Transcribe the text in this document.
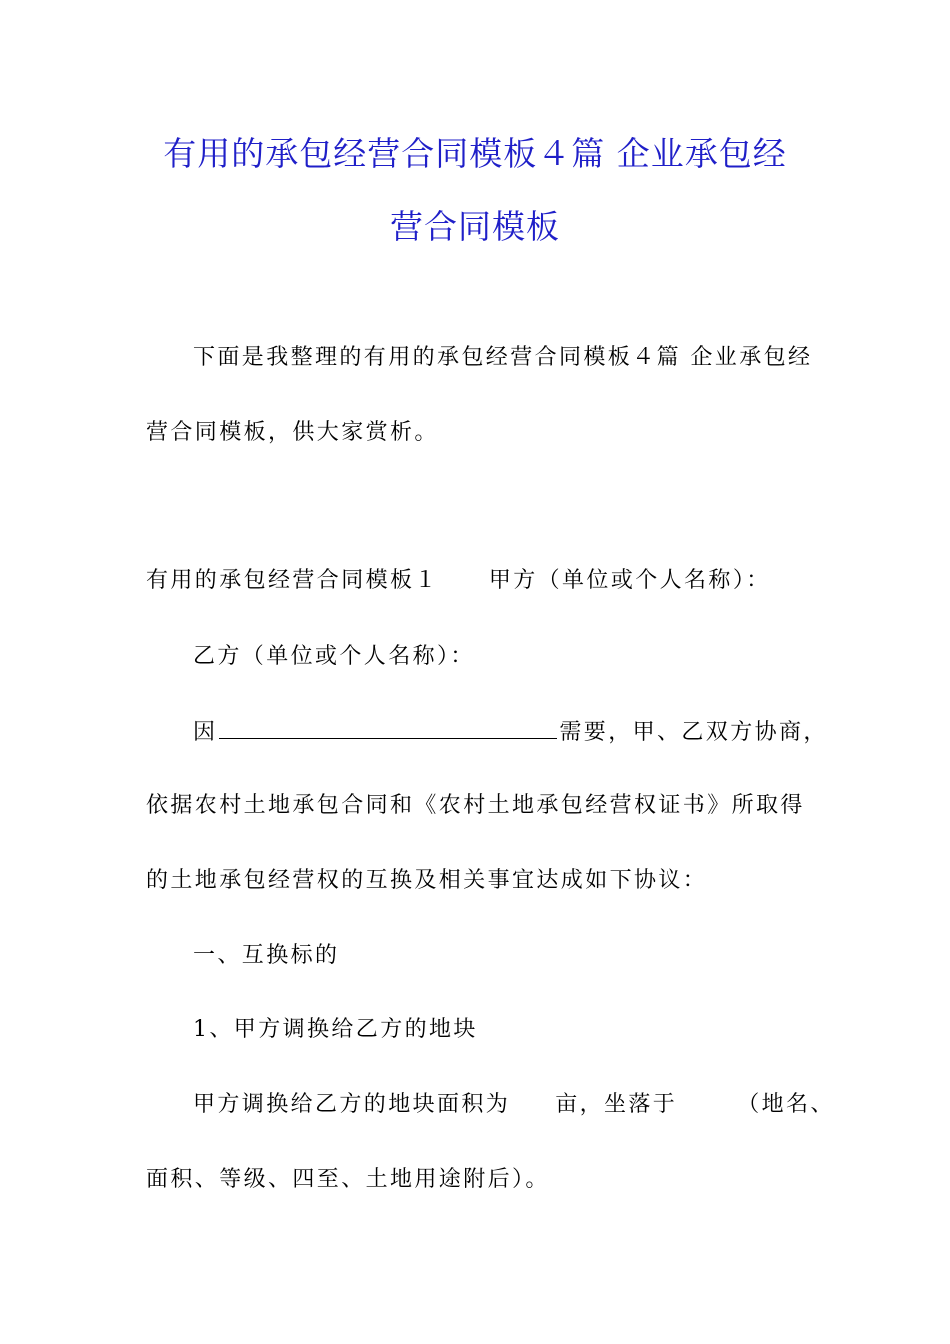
有用的承包经营合同模板４篇 企业承包经
营合同模板
下面是我整理的有用的承包经营合同模板４篇 企业承包经
营合同模板，供大家赏析。
有用的承包经营合同模板１ 甲方（单位或个人名称）：
乙方（单位或个人名称）：
因	需要，甲、乙双方协商，
依据农村土地承包合同和《农村土地承包经营权证书》所取得
的土地承包经营权的互换及相关事宜达成如下协议：
一、互换标的
1、甲方调换给乙方的地块
甲方调换给乙方的地块面积为 亩，坐落于	（地名、
面积、等级、四至、土地用途附后）。
